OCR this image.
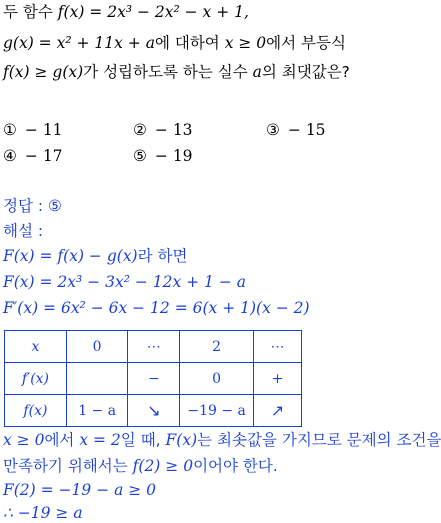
두 함수 f(x) = 2x³ − 2x² − x + 1,
g(x) = x² + 11x + a에 대하여 x ≥ 0에서 부등식
f(x) ≥ g(x)가 성립하도록 하는 실수 a의 최댓값은?
① − 11	② − 13	③ − 15
④ − 17	⑤ − 19
정답 : ⑤
해설 :
F(x) = f(x) − g(x)라 하면
F(x) = 2x³ − 3x² − 12x + 1 − a
F′(x) = 6x² − 6x − 12 = 6(x + 1)(x − 2)
x	0	⋯	2	⋯
f′(x)		−	0	+
f(x)	1 − a	↘	−19 − a	↗
x ≥ 0에서 x = 2일 때, F(x)는 최솟값을 가지므로 문제의 조건을
만족하기 위해서는 f(2) ≥ 0이어야 한다.
F(2) = −19 − a ≥ 0
∴ −19 ≥ a
